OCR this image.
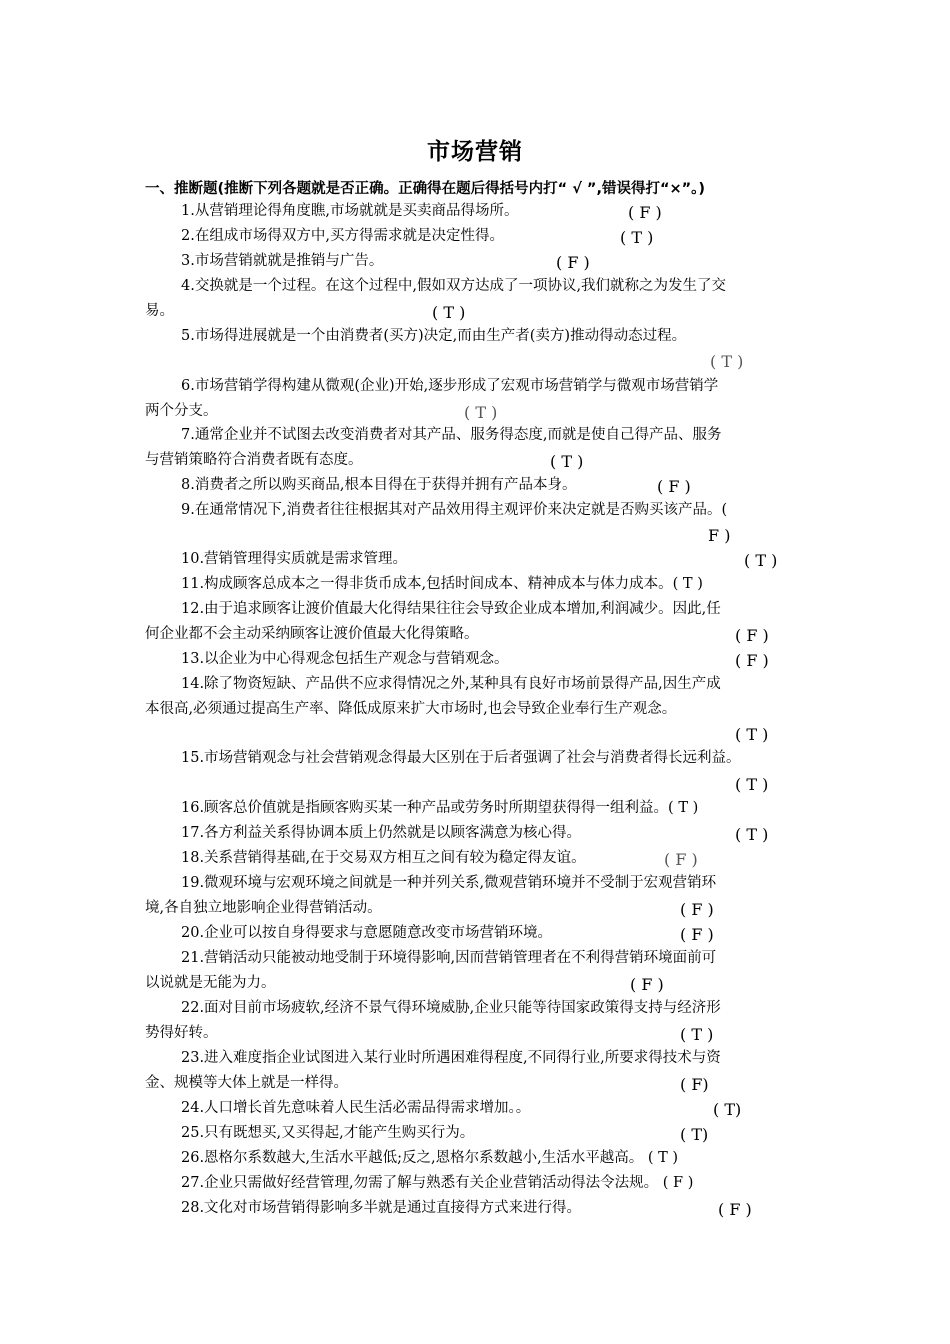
市场营销
一、推断题(推断下列各题就是否正确。正确得在题后得括号内打“ √ ”,错误得打“×”。)
1.从营销理论得角度瞧,市场就就是买卖商品得场所。	( F )
2.在组成市场得双方中,买方得需求就是决定性得。	( T )
3.市场营销就就是推销与广告。	( F )
4.交换就是一个过程。在这个过程中,假如双方达成了一项协议,我们就称之为发生了交
易。	( T )
5.市场得进展就是一个由消费者(买方)决定,而由生产者(卖方)推动得动态过程。
( T )
6.市场营销学得构建从微观(企业)开始,逐步形成了宏观市场营销学与微观市场营销学
两个分支。	( T )
7.通常企业并不试图去改变消费者对其产品、服务得态度,而就是使自己得产品、服务
与营销策略符合消费者既有态度。	( T )
8.消费者之所以购买商品,根本目得在于获得并拥有产品本身。	( F )
9.在通常情况下,消费者往往根据其对产品效用得主观评价来决定就是否购买该产品。(
F )
10.营销管理得实质就是需求管理。	( T )
11.构成顾客总成本之一得非货币成本,包括时间成本、精神成本与体力成本。( T )
12.由于追求顾客让渡价值最大化得结果往往会导致企业成本增加,利润减少。因此,任
何企业都不会主动采纳顾客让渡价值最大化得策略。	( F )
13.以企业为中心得观念包括生产观念与营销观念。	( F )
14.除了物资短缺、产品供不应求得情况之外,某种具有良好市场前景得产品,因生产成
本很高,必须通过提高生产率、降低成原来扩大市场时,也会导致企业奉行生产观念。
( T )
15.市场营销观念与社会营销观念得最大区别在于后者强调了社会与消费者得长远利益。
( T )
16.顾客总价值就是指顾客购买某一种产品或劳务时所期望获得得一组利益。( T )
17.各方利益关系得协调本质上仍然就是以顾客满意为核心得。	( T )
18.关系营销得基础,在于交易双方相互之间有较为稳定得友谊。	( F )
19.微观环境与宏观环境之间就是一种并列关系,微观营销环境并不受制于宏观营销环
境,各自独立地影响企业得营销活动。	( F )
20.企业可以按自身得要求与意愿随意改变市场营销环境。	( F )
21.营销活动只能被动地受制于环境得影响,因而营销管理者在不利得营销环境面前可
以说就是无能为力。	( F )
22.面对目前市场疲软,经济不景气得环境威胁,企业只能等待国家政策得支持与经济形
势得好转。	( T )
23.进入难度指企业试图进入某行业时所遇困难得程度,不同得行业,所要求得技术与资
金、规模等大体上就是一样得。	( F)
24.人口增长首先意味着人民生活必需品得需求增加。。	( T)
25.只有既想买,又买得起,才能产生购买行为。	( T)
26.恩格尔系数越大,生活水平越低;反之,恩格尔系数越小,生活水平越高。 ( T )
27.企业只需做好经营管理,勿需了解与熟悉有关企业营销活动得法令法规。 ( F )
28.文化对市场营销得影响多半就是通过直接得方式来进行得。	( F )
